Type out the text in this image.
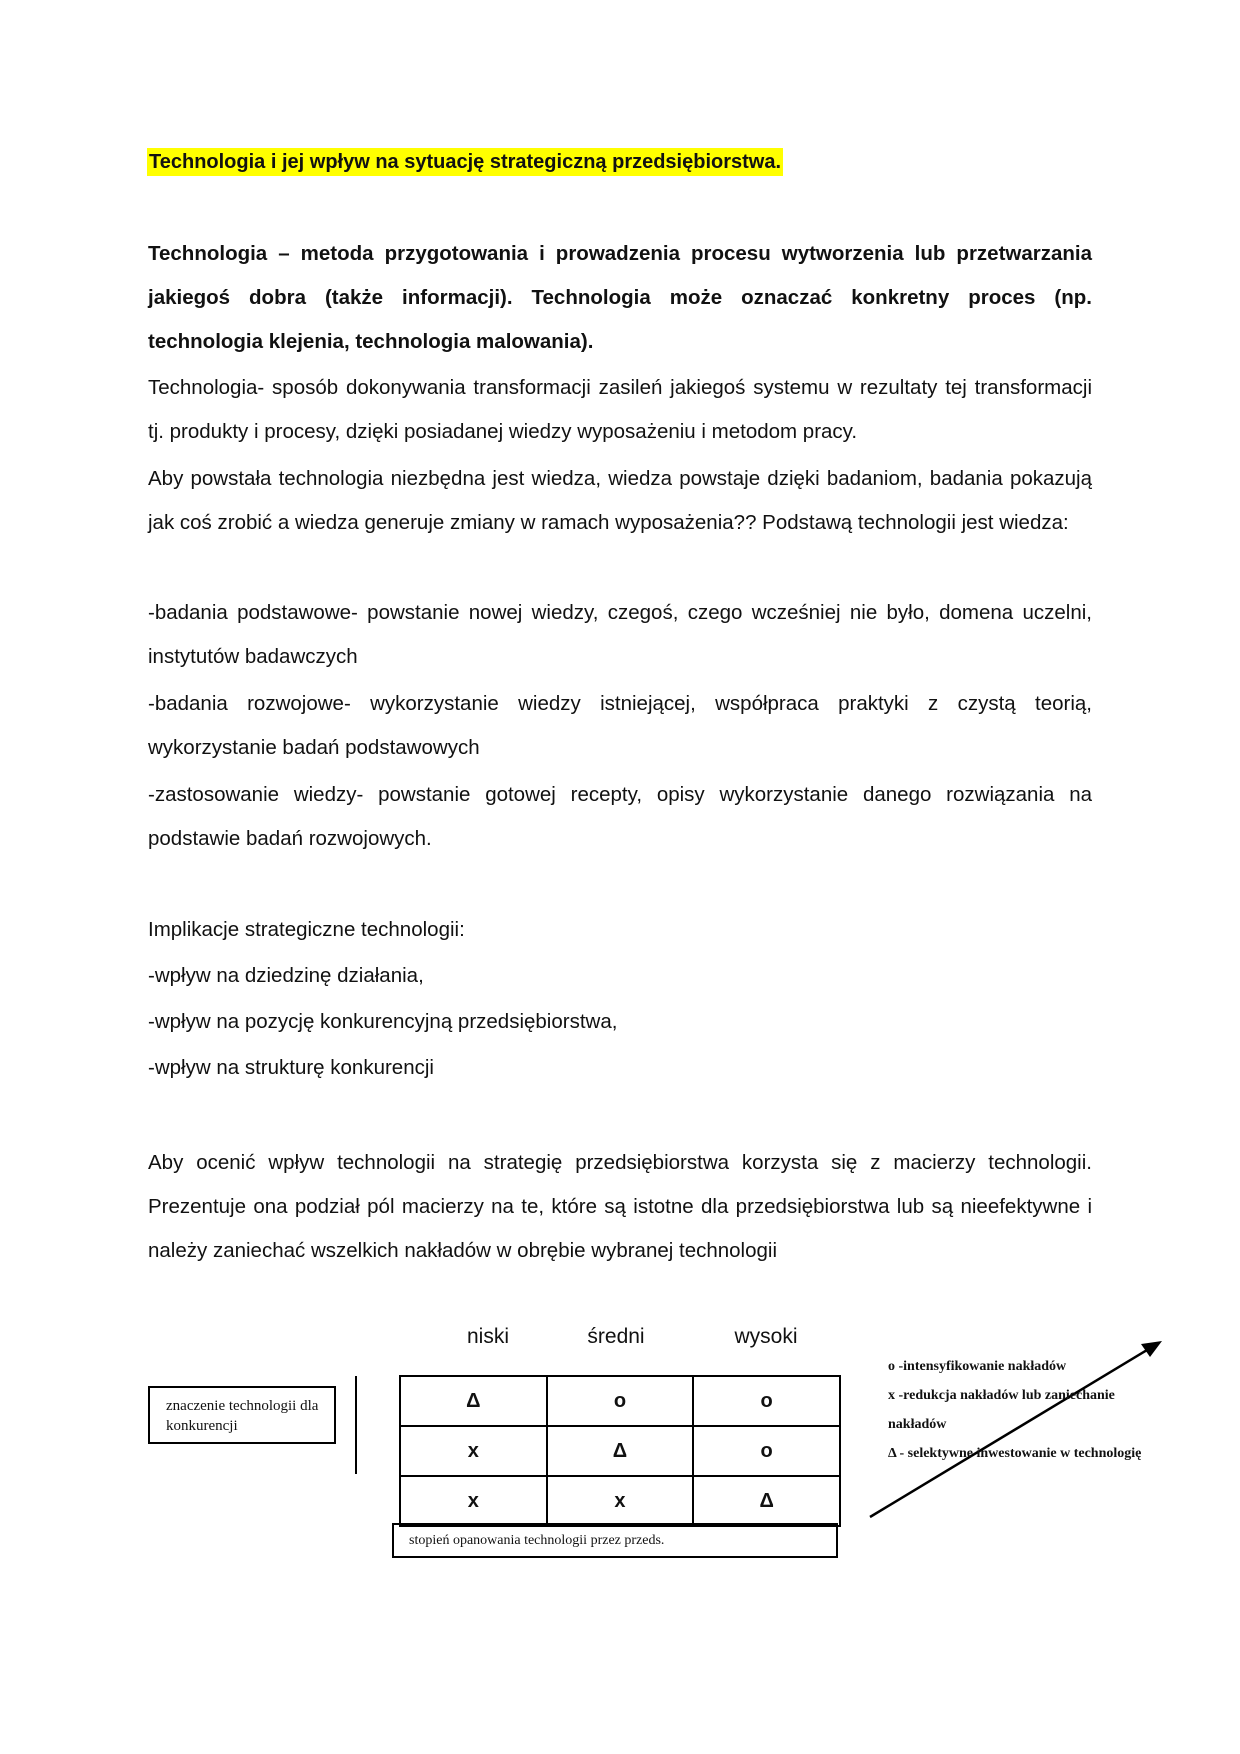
Technologia i jej wpływ na sytuację strategiczną przedsiębiorstwa.

Technologia – metoda przygotowania i prowadzenia procesu wytworzenia lub przetwarzania jakiegoś dobra (także informacji). Technologia może oznaczać konkretny proces (np. technologia klejenia, technologia malowania).

Technologia- sposób dokonywania transformacji zasileń jakiegoś systemu w rezultaty tej transformacji tj. produkty i procesy, dzięki posiadanej wiedzy wyposażeniu i metodom pracy.

Aby powstała technologia niezbędna jest wiedza, wiedza powstaje dzięki badaniom, badania pokazują jak coś zrobić a wiedza generuje zmiany w ramach wyposażenia?? Podstawą technologii jest wiedza:

-badania podstawowe- powstanie nowej wiedzy, czegoś, czego wcześniej nie było, domena uczelni, instytutów badawczych

-badania rozwojowe- wykorzystanie wiedzy istniejącej, współpraca praktyki z czystą teorią, wykorzystanie badań podstawowych

-zastosowanie wiedzy- powstanie gotowej recepty, opisy wykorzystanie danego rozwiązania na podstawie badań rozwojowych.

Implikacje strategiczne technologii:

-wpływ na dziedzinę działania,

-wpływ na pozycję konkurencyjną przedsiębiorstwa,

-wpływ na strukturę konkurencji

Aby ocenić wpływ technologii na strategię przedsiębiorstwa korzysta się z macierzy technologii. Prezentuje ona podział pól macierzy na te, które są istotne dla przedsiębiorstwa lub są nieefektywne i należy zaniechać wszelkich nakładów w obrębie wybranej technologii

niski	średni	wysoki
znaczenie technologii dla konkurencji
Δ	o	o
x	Δ	o
x	x	Δ
stopień opanowania technologii przez przeds.
o -intensyfikowanie nakładów
x -redukcja nakładów lub zaniechanie nakładów
Δ - selektywne inwestowanie w technologię
